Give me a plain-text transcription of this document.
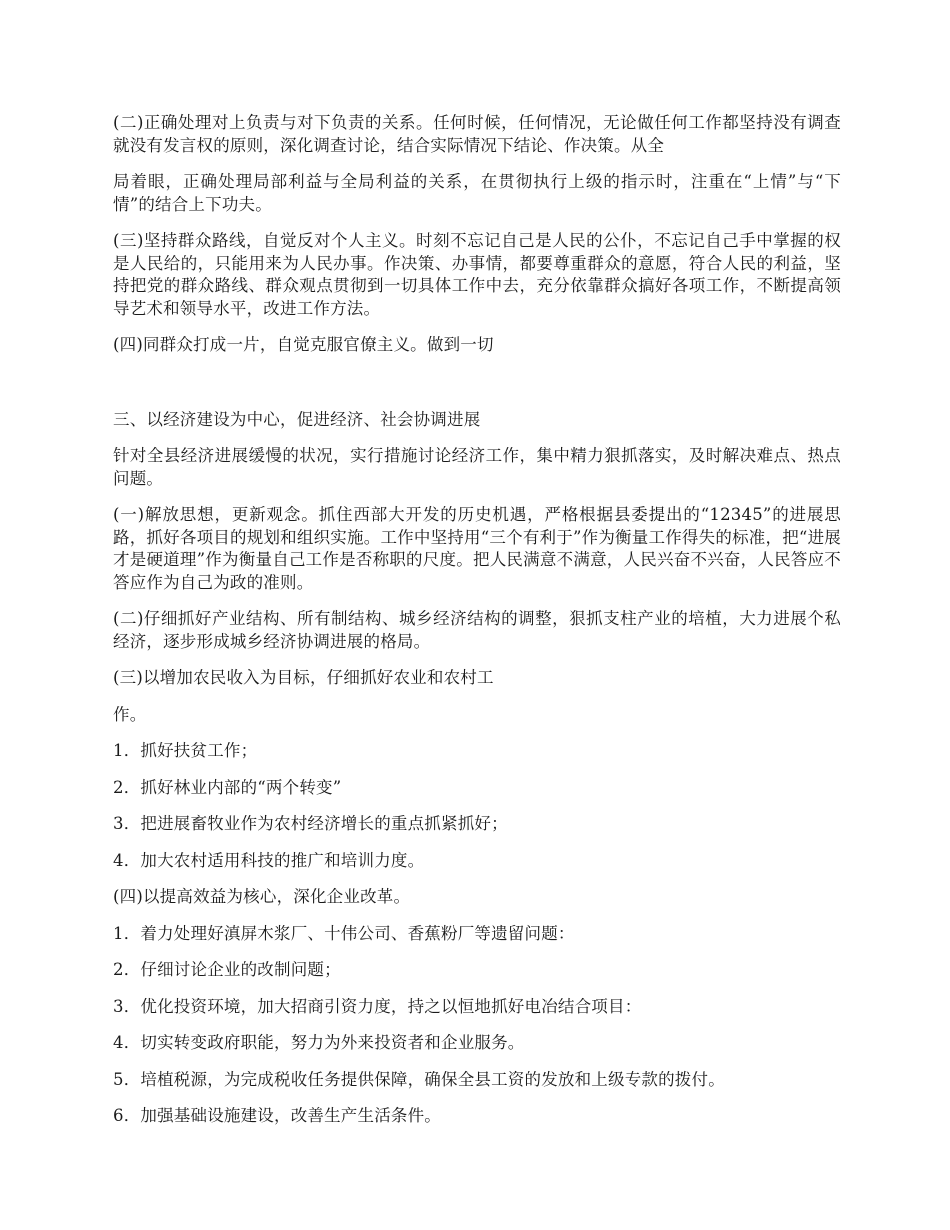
(二)正确处理对上负责与对下负责的关系。任何时候，任何情况，无论做任何工作都坚持没有调查就没有发言权的原则，深化调查讨论，结合实际情况下结论、作决策。从全

局着眼，正确处理局部利益与全局利益的关系，在贯彻执行上级的指示时，注重在“上情”与“下情”的结合上下功夫。

(三)坚持群众路线，自觉反对个人主义。时刻不忘记自己是人民的公仆，不忘记自己手中掌握的权是人民给的，只能用来为人民办事。作决策、办事情，都要尊重群众的意愿，符合人民的利益，坚持把党的群众路线、群众观点贯彻到一切具体工作中去，充分依靠群众搞好各项工作，不断提高领导艺术和领导水平，改进工作方法。

(四)同群众打成一片，自觉克服官僚主义。做到一切

三、以经济建设为中心，促进经济、社会协调进展

针对全县经济进展缓慢的状况，实行措施讨论经济工作，集中精力狠抓落实，及时解决难点、热点问题。

(一)解放思想，更新观念。抓住西部大开发的历史机遇，严格根据县委提出的“12345”的进展思路，抓好各项目的规划和组织实施。工作中坚持用“三个有利于”作为衡量工作得失的标准，把“进展才是硬道理”作为衡量自己工作是否称职的尺度。把人民满意不满意，人民兴奋不兴奋，人民答应不答应作为自己为政的准则。

(二)仔细抓好产业结构、所有制结构、城乡经济结构的调整，狠抓支柱产业的培植，大力进展个私经济，逐步形成城乡经济协调进展的格局。

(三)以增加农民收入为目标，仔细抓好农业和农村工

作。

1．抓好扶贫工作；

2．抓好林业内部的“两个转变”

3．把进展畜牧业作为农村经济增长的重点抓紧抓好；

4．加大农村适用科技的推广和培训力度。

(四)以提高效益为核心，深化企业改革。

1．着力处理好滇屏木浆厂、十伟公司、香蕉粉厂等遗留问题：

2．仔细讨论企业的改制问题；

3．优化投资环境，加大招商引资力度，持之以恒地抓好电冶结合项目：

4．切实转变政府职能，努力为外来投资者和企业服务。

5．培植税源，为完成税收任务提供保障，确保全县工资的发放和上级专款的拨付。

6．加强基础设施建设，改善生产生活条件。
